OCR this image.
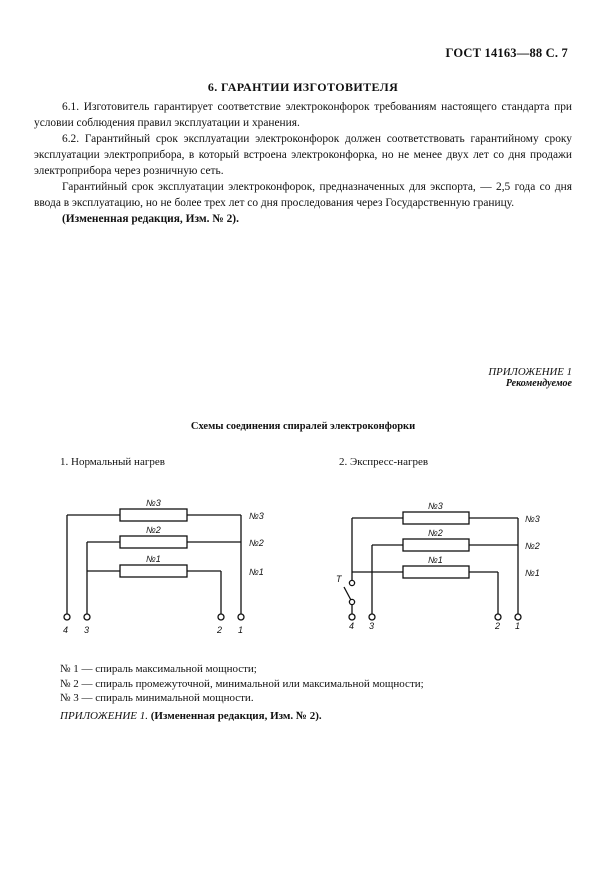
ГОСТ 14163—88 С. 7
6. ГАРАНТИИ ИЗГОТОВИТЕЛЯ

6.1. Изготовитель гарантирует соответствие электроконфорок требованиям настоящего стандарта при условии соблюдения правил эксплуатации и хранения.

6.2. Гарантийный срок эксплуатации электроконфорок должен соответствовать гарантийному сроку эксплуатации электроприбора, в который встроена электроконфорка, но не менее двух лет со дня продажи электроприбора через розничную сеть.

Гарантийный срок эксплуатации электроконфорок, предназначенных для экспорта, — 2,5 года со дня ввода в эксплуатацию, но не более трех лет со дня проследования через Государственную границу.

(Измененная редакция, Изм. № 2).

ПРИЛОЖЕНИЕ 1
Рекомендуемое
Схемы соединения спиралей электроконфорки
1. Нормальный нагрев	2. Экспресс-нагрев
№3
№2
№1
№3
№2
№1
4 3	2 1
№3
№2
№1
№3
№2
№1
Т
4 3	2 1
№ 1 — спираль максимальной мощности;
№ 2 — спираль промежуточной, минимальной или максимальной мощности;
№ 3 — спираль минимальной мощности.
ПРИЛОЖЕНИЕ 1. (Измененная редакция, Изм. № 2).
